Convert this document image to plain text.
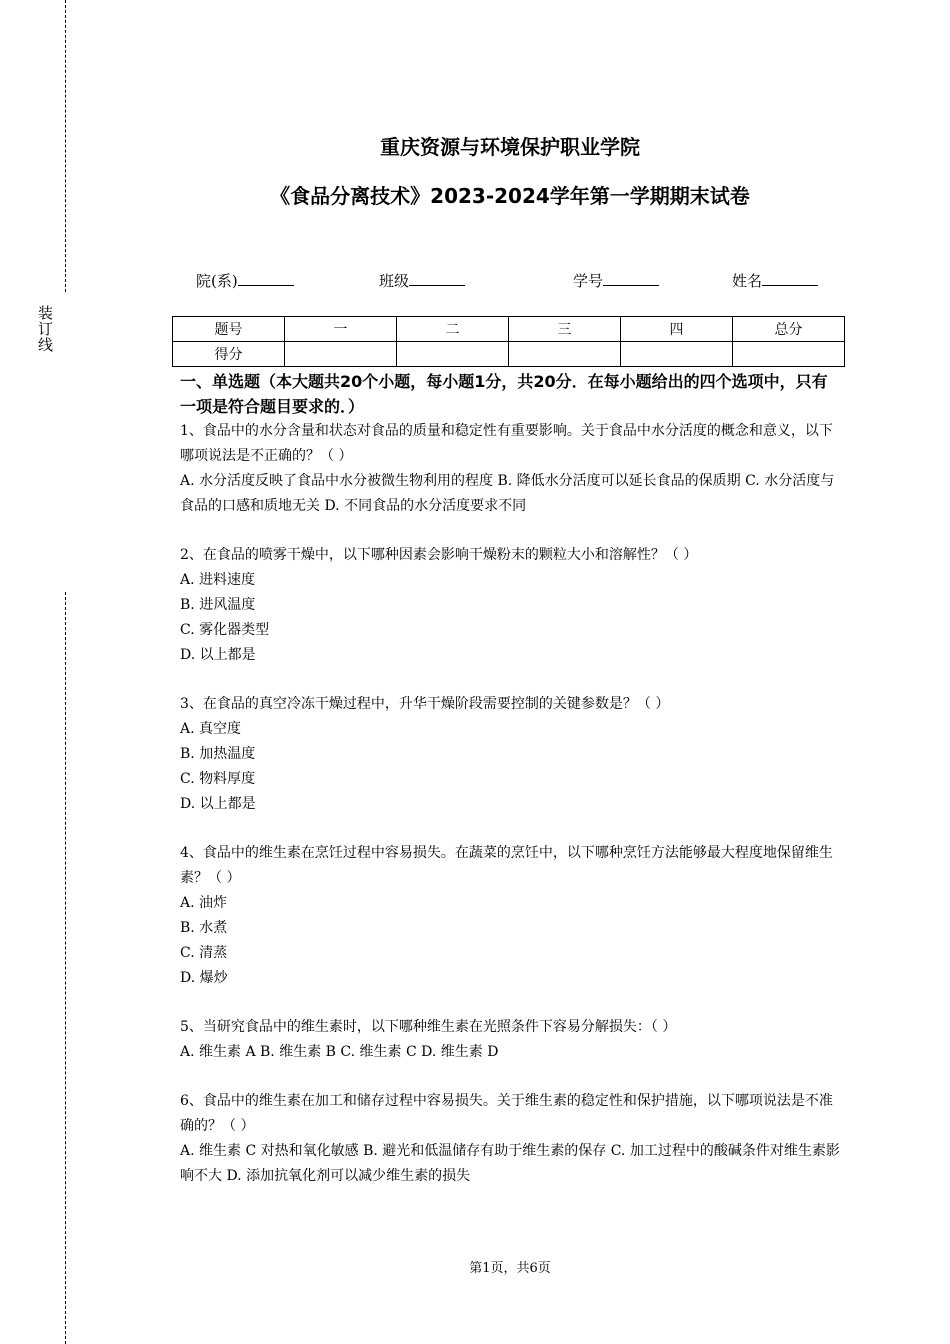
装订线
重庆资源与环境保护职业学院
《食品分离技术》2023-2024学年第一学期期末试卷
院(系)	班级	学号	姓名
题号	一	二	三	四	总分
得分					
一、单选题（本大题共20个小题，每小题1分，共20分．在每小题给出的四个选项中，只有一项是符合题目要求的．）

1、食品中的水分含量和状态对食品的质量和稳定性有重要影响。关于食品中水分活度的概念和意义，以下哪项说法是不正确的？（ ）

A. 水分活度反映了食品中水分被微生物利用的程度 B. 降低水分活度可以延长食品的保质期 C. 水分活度与食品的口感和质地无关 D. 不同食品的水分活度要求不同

2、在食品的喷雾干燥中，以下哪种因素会影响干燥粉末的颗粒大小和溶解性？（ ）

A. 进料速度

B. 进风温度

C. 雾化器类型

D. 以上都是

3、在食品的真空冷冻干燥过程中，升华干燥阶段需要控制的关键参数是？（ ）

A. 真空度

B. 加热温度

C. 物料厚度

D. 以上都是

4、食品中的维生素在烹饪过程中容易损失。在蔬菜的烹饪中，以下哪种烹饪方法能够最大程度地保留维生素？（ ）

A. 油炸

B. 水煮

C. 清蒸

D. 爆炒

5、当研究食品中的维生素时，以下哪种维生素在光照条件下容易分解损失：（ ）

A. 维生素 A B. 维生素 B C. 维生素 C D. 维生素 D

6、食品中的维生素在加工和储存过程中容易损失。关于维生素的稳定性和保护措施，以下哪项说法是不准确的？（ ）

A. 维生素 C 对热和氧化敏感 B. 避光和低温储存有助于维生素的保存 C. 加工过程中的酸碱条件对维生素影响不大 D. 添加抗氧化剂可以减少维生素的损失

第1页，共6页
